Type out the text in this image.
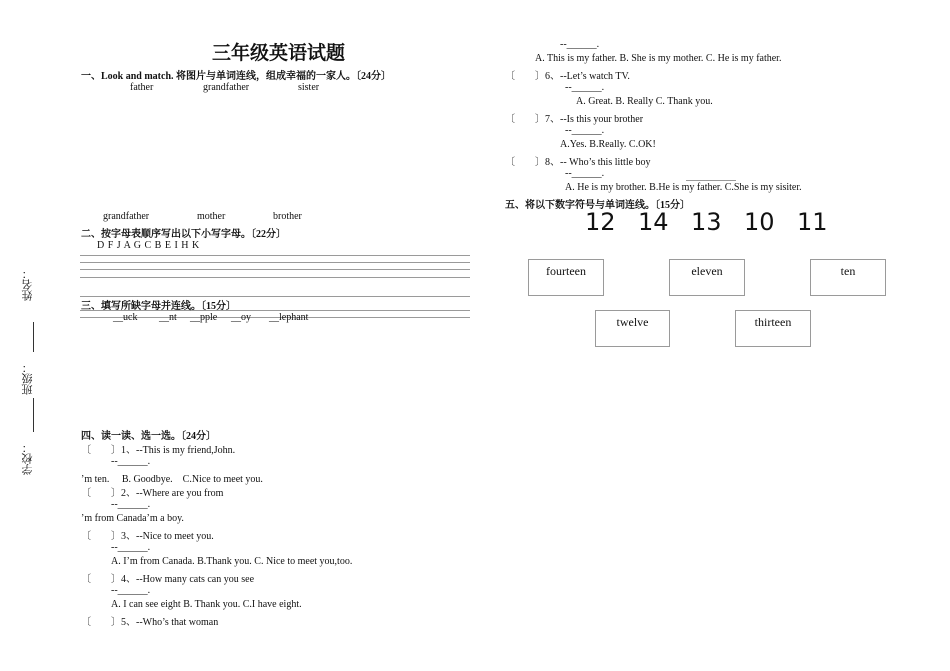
姓名：
班级：
学校：
三年级英语试题
一、Look and match. 将图片与单词连线，组成幸福的一家人。〔24分〕
father	grandfather	sister
grandfather	mother	brother
二、按字母表顺序写出以下小写字母。〔22分〕
D F J A G C B E I H K
三、填写所缺字母并连线。〔15分〕
__uck __nt __pple __oy __lephant
四、读一读、选一选。〔24分〕
〔　　〕1、--This is my friend,John.
--______.
’m ten.　 B. Goodbye.　C.Nice to meet you.
〔　　〕2、--Where are you from
--______.
’m from Canada’m a boy.
〔　　〕3、--Nice to meet you.
--______.
A. I’m from Canada. B.Thank you. C. Nice to meet you,too.
〔　　〕4、--How many cats can you see
--______.
A. I can see eight B. Thank you. C.I have eight.
〔　　〕5、--Who’s that woman
--______.
A. This is my father. B. She is my mother. C. He is my father.
〔　　〕6、--Let’s watch TV.
--______.
A. Great. B. Really C. Thank you.
〔　　〕7、--Is this your brother
--______.
A.Yes. B.Really. C.OK!
〔　　〕8、-- Who’s this little boy
--______.
A. He is my brother. B.He is my father. C.She is my sisiter.
五、将以下数字符号与单词连线。〔15分〕
12 14 13 10 11
fourteen	eleven	ten
twelve	thirteen
